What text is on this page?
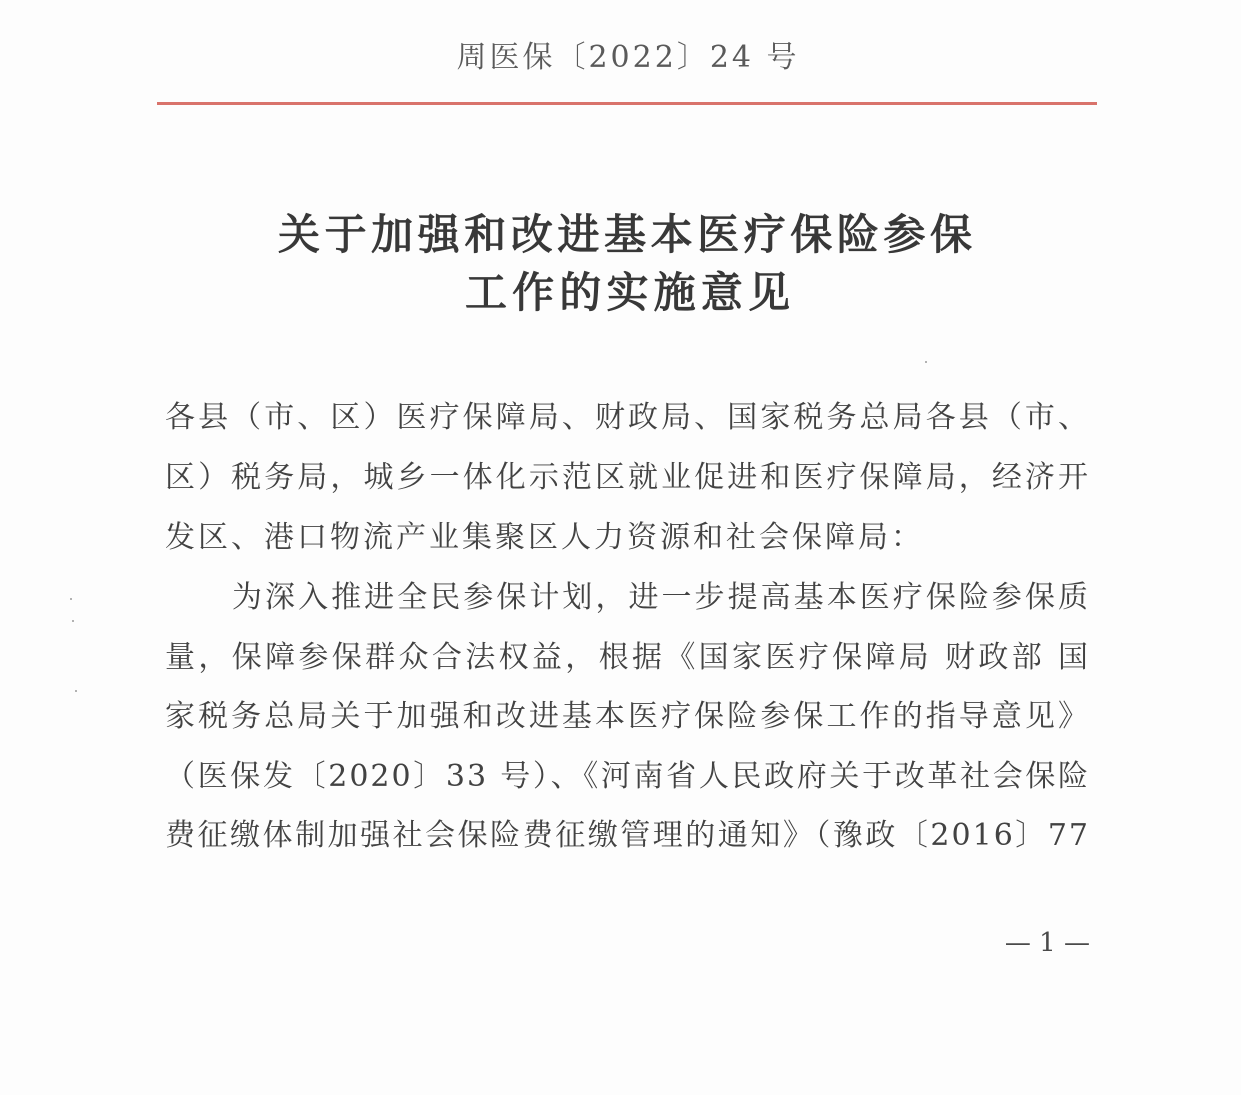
周医保〔2022〕24 号
关于加强和改进基本医疗保险参保
工作的实施意见
各县（市、区）医疗保障局、财政局、国家税务总局各县（市、
区）税务局，城乡一体化示范区就业促进和医疗保障局，经济开
发区、港口物流产业集聚区人力资源和社会保障局：
为深入推进全民参保计划，进一步提高基本医疗保险参保质
量，保障参保群众合法权益，根据《国家医疗保障局 财政部 国
家税务总局关于加强和改进基本医疗保险参保工作的指导意见》
（医保发〔2020〕33 号）、《河南省人民政府关于改革社会保险
费征缴体制加强社会保险费征缴管理的通知》（豫政〔2016〕77
— 1 —
